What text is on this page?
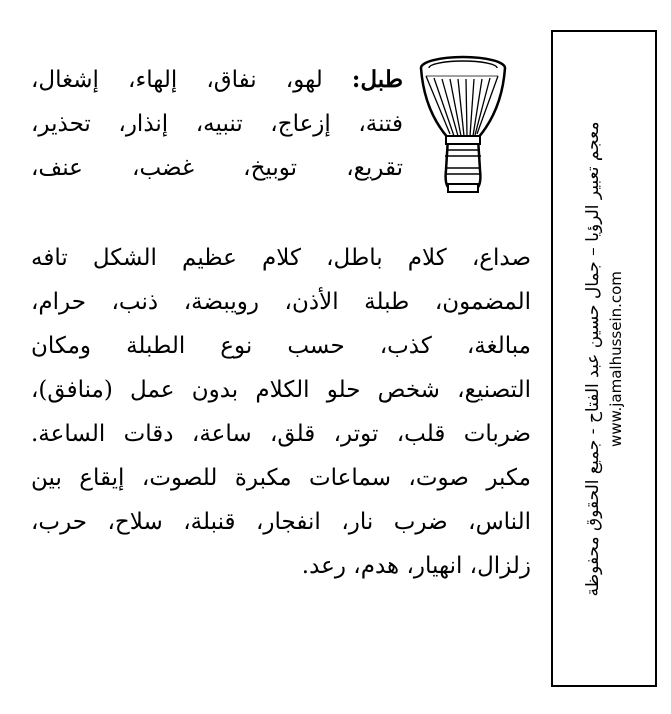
طبل: لهو، نفاق، إلهاء، إشغال،
فتنة، إزعاج، تنبيه، إنذار، تحذير،
تقريع، توبيخ، غضب، عنف،
صداع، كلام باطل، كلام عظيم الشكل تافه
المضمون، طبلة الأذن، رويبضة، ذنب، حرام،
مبالغة، كذب، حسب نوع الطبلة ومكان
التصنيع، شخص حلو الكلام بدون عمل (منافق)،
ضربات قلب، توتر، قلق، ساعة، دقات الساعة.
مكبر صوت، سماعات مكبرة للصوت، إيقاع بين
الناس، ضرب نار، انفجار، قنبلة، سلاح، حرب،
زلزال، انهيار، هدم، رعد.	معجم تعبير الرؤيا – جمال حسين عبد الفتاح - جميع الحقوق محفوظة www.jamalhussein.com
